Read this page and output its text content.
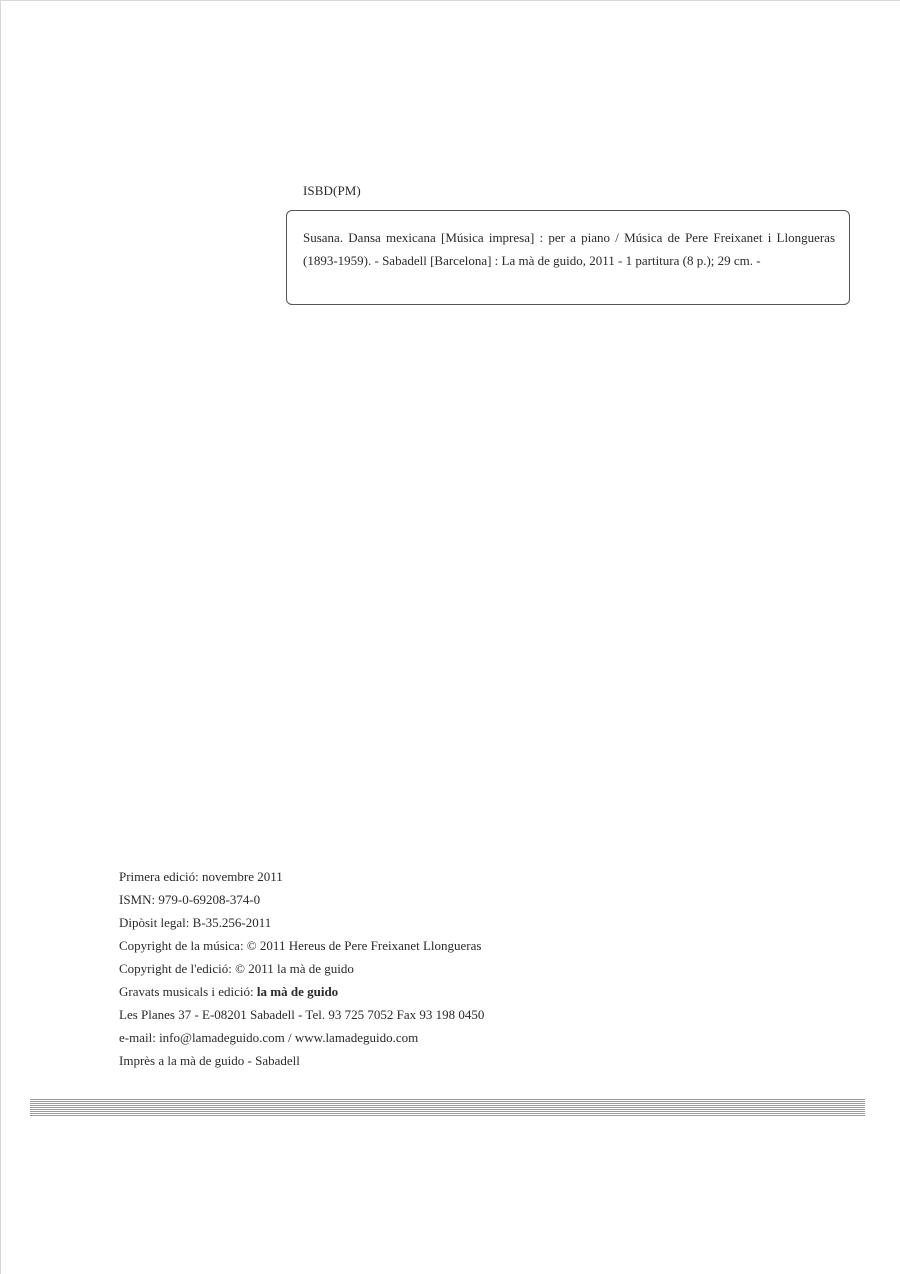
ISBD(PM)
Susana. Dansa mexicana [Música impresa] : per a piano / Música de Pere Freixanet i Llongueras (1893-1959). - Sabadell [Barcelona] : La mà de guido, 2011 - 1 partitura (8 p.); 29 cm. -
Primera edició: novembre 2011
ISMN: 979-0-69208-374-0
Dipòsit legal: B-35.256-2011
Copyright de la música: © 2011 Hereus de Pere Freixanet Llongueras
Copyright de l'edició: © 2011 la mà de guido
Gravats musicals i edició: la mà de guido
Les Planes 37 - E-08201 Sabadell - Tel. 93 725 7052 Fax 93 198 0450
e-mail: info@lamadeguido.com / www.lamadeguido.com
Imprès a la mà de guido - Sabadell
